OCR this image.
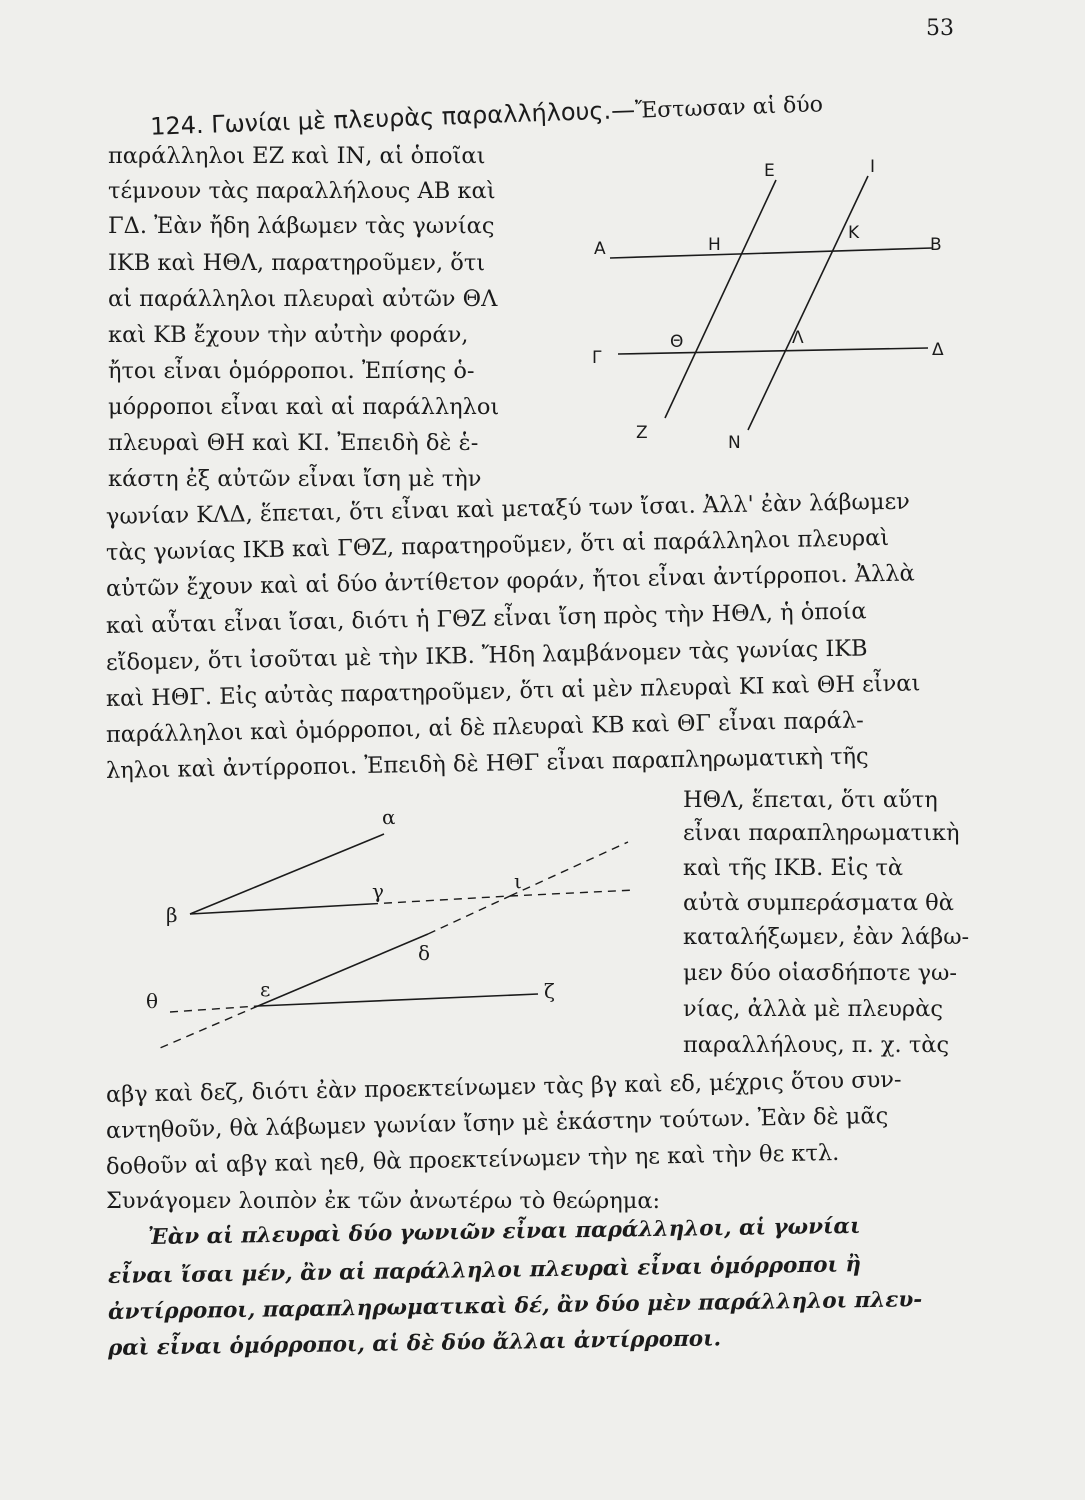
53
124. Γωνίαι μὲ πλευρὰς παραλλήλους.—Ἔστωσαν αἱ δύο
παράλληλοι ΕΖ καὶ ΙΝ, αἱ ὁποῖαι
τέμνουν τὰς παραλλήλους ΑΒ καὶ
ΓΔ. Ἐὰν ἤδη λάβωμεν τὰς γωνίας
ΙΚΒ καὶ ΗΘΛ, παρατηροῦμεν, ὅτι
αἱ παράλληλοι πλευραὶ αὐτῶν ΘΛ
καὶ ΚΒ ἔχουν τὴν αὐτὴν φοράν,
ἤτοι εἶναι ὁμόρροποι. Ἐπίσης ὁ-
μόρροποι εἶναι καὶ αἱ παράλληλοι
πλευραὶ ΘΗ καὶ ΚΙ. Ἐπειδὴ δὲ ἑ-
κάστη ἐξ αὐτῶν εἶναι ἴση μὲ τὴν
γωνίαν ΚΛΔ, ἕπεται, ὅτι εἶναι καὶ μεταξύ των ἴσαι. Ἀλλ' ἐὰν λάβωμεν
τὰς γωνίας ΙΚΒ καὶ ΓΘΖ, παρατηροῦμεν, ὅτι αἱ παράλληλοι πλευραὶ
αὐτῶν ἔχουν καὶ αἱ δύο ἀντίθετον φοράν, ἤτοι εἶναι ἀντίρροποι. Ἀλλὰ
καὶ αὗται εἶναι ἴσαι, διότι ἡ ΓΘΖ εἶναι ἴση πρὸς τὴν ΗΘΛ, ἡ ὁποία
εἴδομεν, ὅτι ἰσοῦται μὲ τὴν ΙΚΒ. Ἤδη λαμβάνομεν τὰς γωνίας ΙΚΒ
καὶ ΗΘΓ. Εἰς αὐτὰς παρατηροῦμεν, ὅτι αἱ μὲν πλευραὶ ΚΙ καὶ ΘΗ εἶναι
παράλληλοι καὶ ὁμόρροποι, αἱ δὲ πλευραὶ ΚΒ καὶ ΘΓ εἶναι παράλ-
ληλοι καὶ ἀντίρροποι. Ἐπειδὴ δὲ ΗΘΓ εἶναι παραπληρωματικὴ τῆς
ΗΘΛ, ἕπεται, ὅτι αὕτη
εἶναι παραπληρωματικὴ
καὶ τῆς ΙΚΒ. Εἰς τὰ
αὐτὰ συμπεράσματα θὰ
καταλήξωμεν, ἐὰν λάβω-
μεν δύο οἱασδήποτε γω-
νίας, ἀλλὰ μὲ πλευρὰς
παραλλήλους, π. χ. τὰς
αβγ καὶ δεζ, διότι ἐὰν προεκτείνωμεν τὰς βγ καὶ εδ, μέχρις ὅτου συν-
αντηθοῦν, θὰ λάβωμεν γωνίαν ἴσην μὲ ἑκάστην τούτων. Ἐὰν δὲ μᾶς
δοθοῦν αἱ αβγ καὶ ηεθ, θὰ προεκτείνωμεν τὴν ηε καὶ τὴν θε κτλ.
Συνάγομεν λοιπὸν ἐκ τῶν ἀνωτέρω τὸ θεώρημα:
Ἐὰν αἱ πλευραὶ δύο γωνιῶν εἶναι παράλληλοι, αἱ γωνίαι
εἶναι ἴσαι μέν, ἂν αἱ παράλληλοι πλευραὶ εἶναι ὁμόρροποι ἢ
ἀντίρροποι, παραπληρωματικαὶ δέ, ἂν δύο μὲν παράλληλοι πλευ-
ραὶ εἶναι ὁμόρροποι, αἱ δὲ δύο ἄλλαι ἀντίρροποι.
Ε	Ι
Α	Η
Κ
Β
Θ	Λ
Γ	Δ
Ζ	Ν
α
β
γ	ι
δ
θ	ε	ζ
